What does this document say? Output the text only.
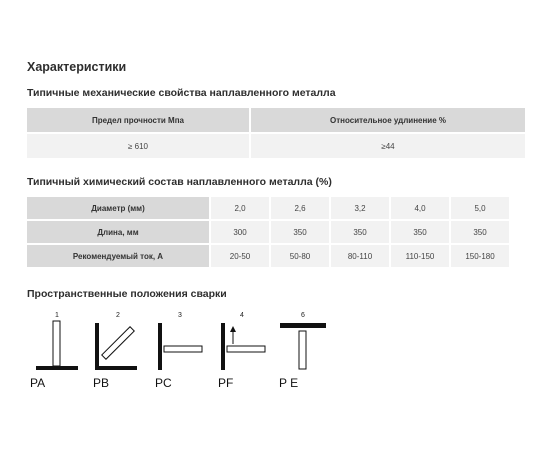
Характеристики
Типичные механические свойства наплавленного металла
Предел прочности Мпа	Относительное удлинение %
≥ 610	≥44
Типичный химический состав наплавленного металла (%)
Диаметр (мм)	2,0	2,6	3,2	4,0	5,0
Длина, мм	300	350	350	350	350
Рекомендуемый ток, А	20-50	50-80	80-110	110-150	150-180
Пространственные положения сварки
1
PA
2
PB
3
PC
4
PF
6
P E
